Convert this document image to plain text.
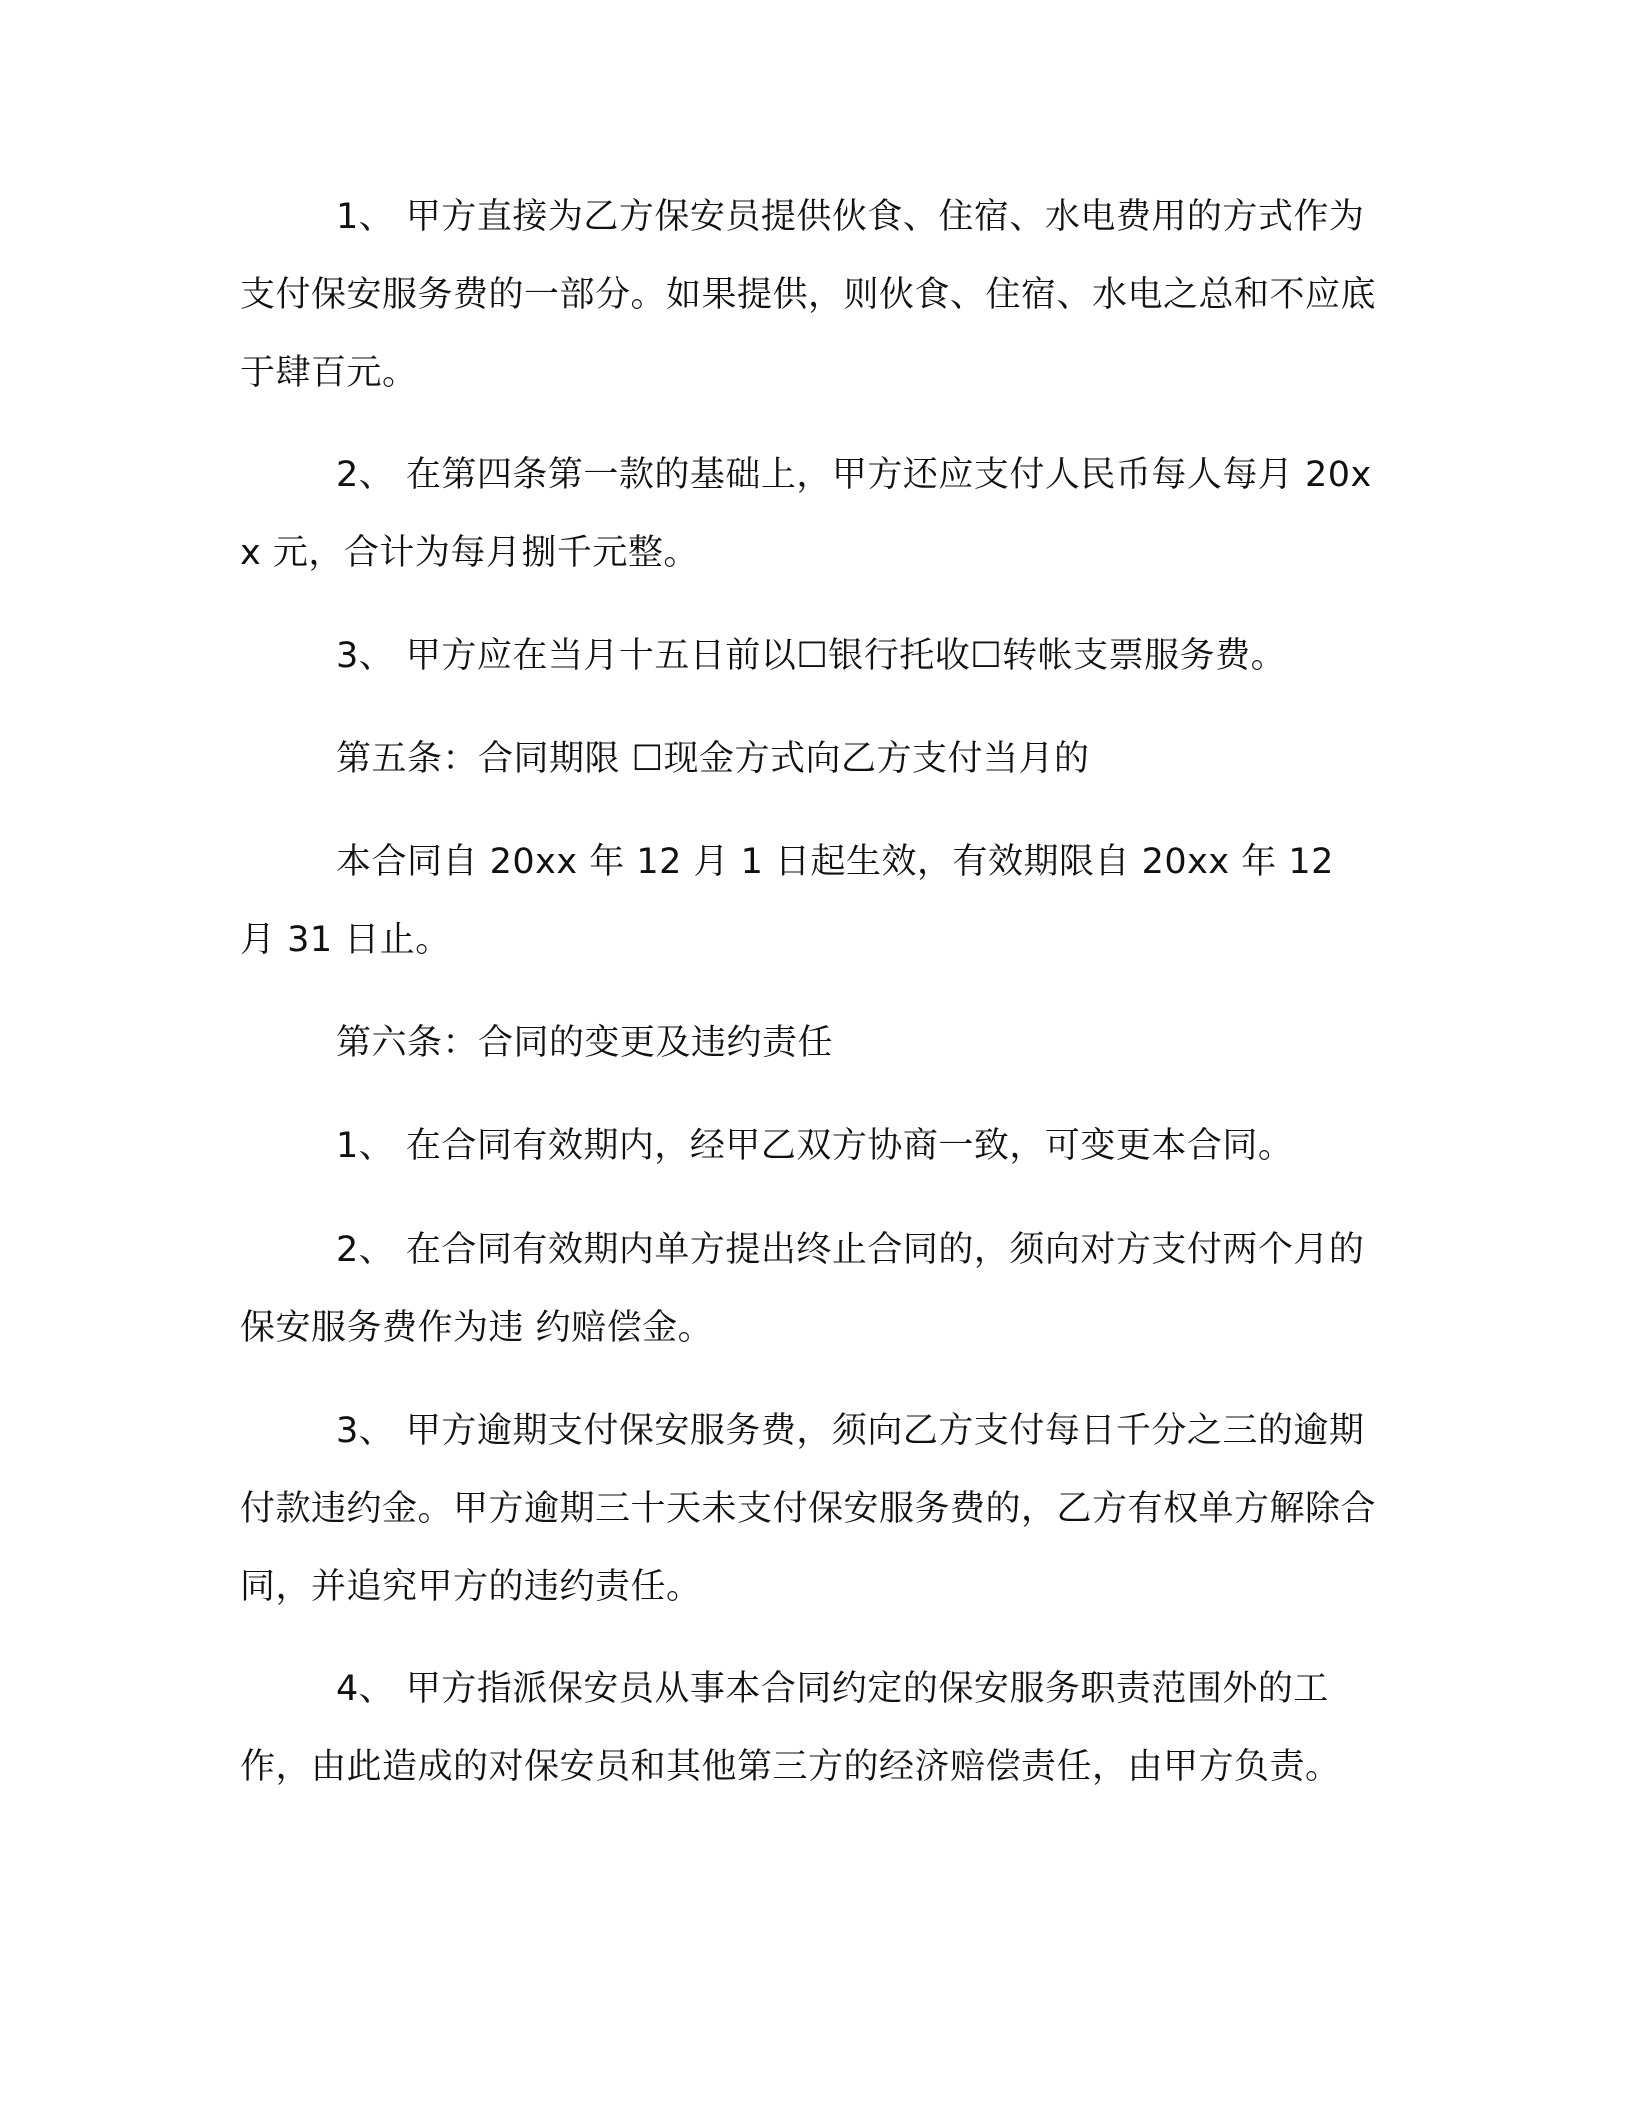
1、 甲方直接为乙方保安员提供伙食、住宿、水电费用的方式作为支付保安服务费的一部分。如果提供，则伙食、住宿、水电之总和不应底于肆百元。

2、 在第四条第一款的基础上，甲方还应支付人民币每人每月 20xx 元，合计为每月捌千元整。

3、 甲方应在当月十五日前以☐银行托收☐转帐支票服务费。

第五条：合同期限 ☐现金方式向乙方支付当月的

本合同自 20xx 年 12 月 1 日起生效，有效期限自 20xx 年 12 月 31 日止。

第六条：合同的变更及违约责任

1、 在合同有效期内，经甲乙双方协商一致，可变更本合同。

2、 在合同有效期内单方提出终止合同的，须向对方支付两个月的保安服务费作为违 约赔偿金。

3、 甲方逾期支付保安服务费，须向乙方支付每日千分之三的逾期付款违约金。甲方逾期三十天未支付保安服务费的，乙方有权单方解除合同，并追究甲方的违约责任。

4、 甲方指派保安员从事本合同约定的保安服务职责范围外的工作，由此造成的对保安员和其他第三方的经济赔偿责任，由甲方负责。
